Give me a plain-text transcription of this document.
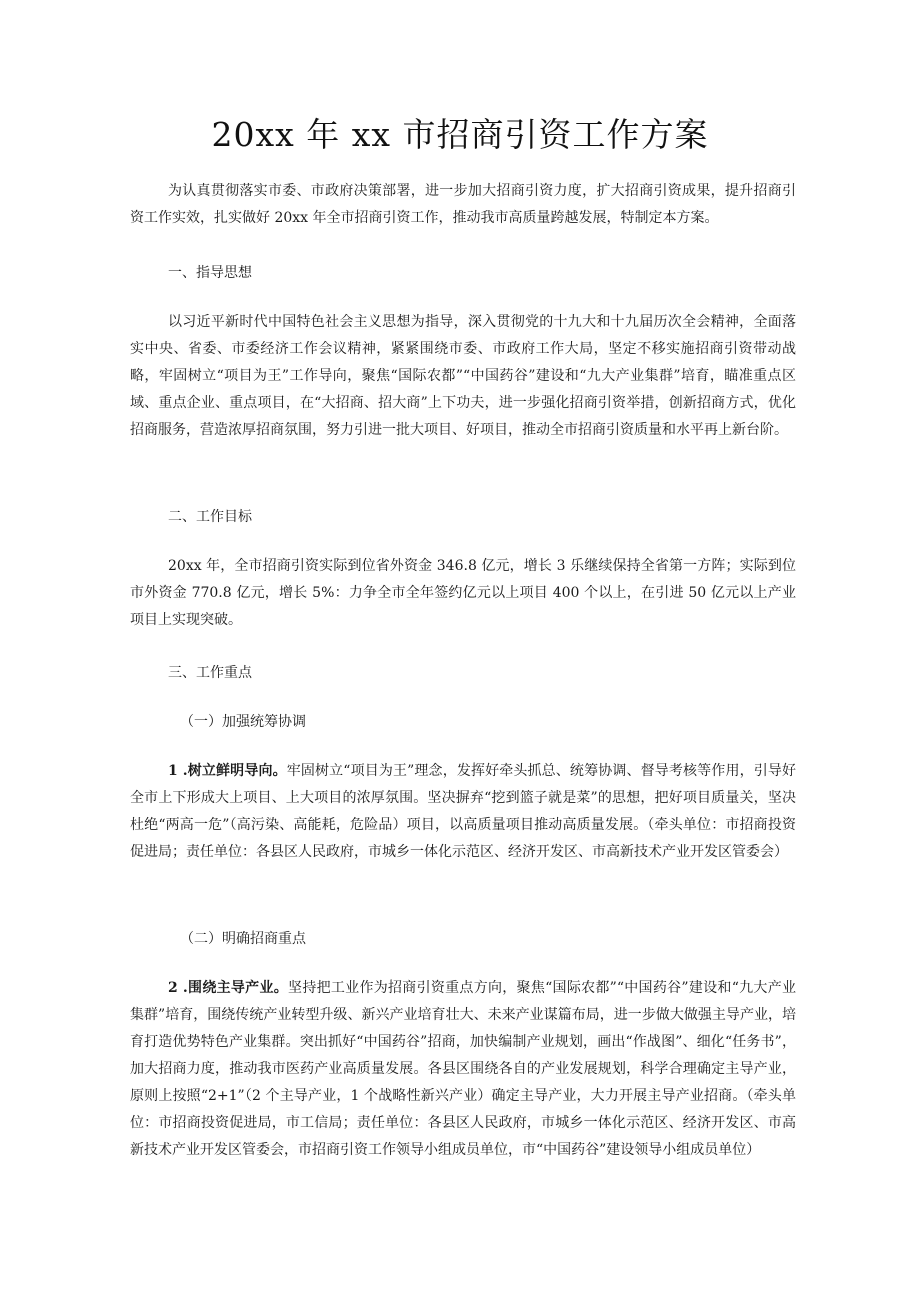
20xx 年 xx 市招商引资工作方案

为认真贯彻落实市委、市政府决策部署，进一步加大招商引资力度，扩大招商引资成果，提升招商引资工作实效，扎实做好 20xx 年全市招商引资工作，推动我市高质量跨越发展，特制定本方案。

一、指导思想

以习近平新时代中国特色社会主义思想为指导，深入贯彻党的十九大和十九届历次全会精神，全面落实中央、省委、市委经济工作会议精神，紧紧围绕市委、市政府工作大局，坚定不移实施招商引资带动战略，牢固树立“项目为王”工作导向，聚焦“国际农都”“中国药谷”建设和“九大产业集群”培育，瞄准重点区域、重点企业、重点项目，在“大招商、招大商”上下功夫，进一步强化招商引资举措，创新招商方式，优化招商服务，营造浓厚招商氛围，努力引进一批大项目、好项目，推动全市招商引资质量和水平再上新台阶。

二、工作目标

20xx 年，全市招商引资实际到位省外资金 346.8 亿元，增长 3 乐继续保持全省第一方阵；实际到位市外资金 770.8 亿元，增长 5%：力争全市全年签约亿元以上项目 400 个以上，在引进 50 亿元以上产业项目上实现突破。

三、工作重点

（一）加强统筹协调

1 .树立鲜明导向。牢固树立“项目为王”理念，发挥好牵头抓总、统筹协调、督导考核等作用，引导好全市上下形成大上项目、上大项目的浓厚氛围。坚决摒弃“挖到篮子就是菜”的思想，把好项目质量关，坚决杜绝“两高一危”（高污染、高能耗，危险品）项目，以高质量项目推动高质量发展。（牵头单位：市招商投资促进局；责任单位：各县区人民政府，市城乡一体化示范区、经济开发区、市高新技术产业开发区管委会）

（二）明确招商重点

2 .围绕主导产业。坚持把工业作为招商引资重点方向，聚焦“国际农都”“中国药谷”建设和“九大产业集群”培育，围绕传统产业转型升级、新兴产业培育壮大、未来产业谋篇布局，进一步做大做强主导产业，培育打造优势特色产业集群。突出抓好“中国药谷”招商，加快编制产业规划，画出“作战图”、细化“任务书”，加大招商力度，推动我市医药产业高质量发展。各县区围绕各自的产业发展规划，科学合理确定主导产业，原则上按照“2+1”（2 个主导产业，1 个战略性新兴产业）确定主导产业，大力开展主导产业招商。（牵头单位：市招商投资促进局，市工信局；责任单位：各县区人民政府，市城乡一体化示范区、经济开发区、市高新技术产业开发区管委会，市招商引资工作领导小组成员单位，市“中国药谷”建设领导小组成员单位）
